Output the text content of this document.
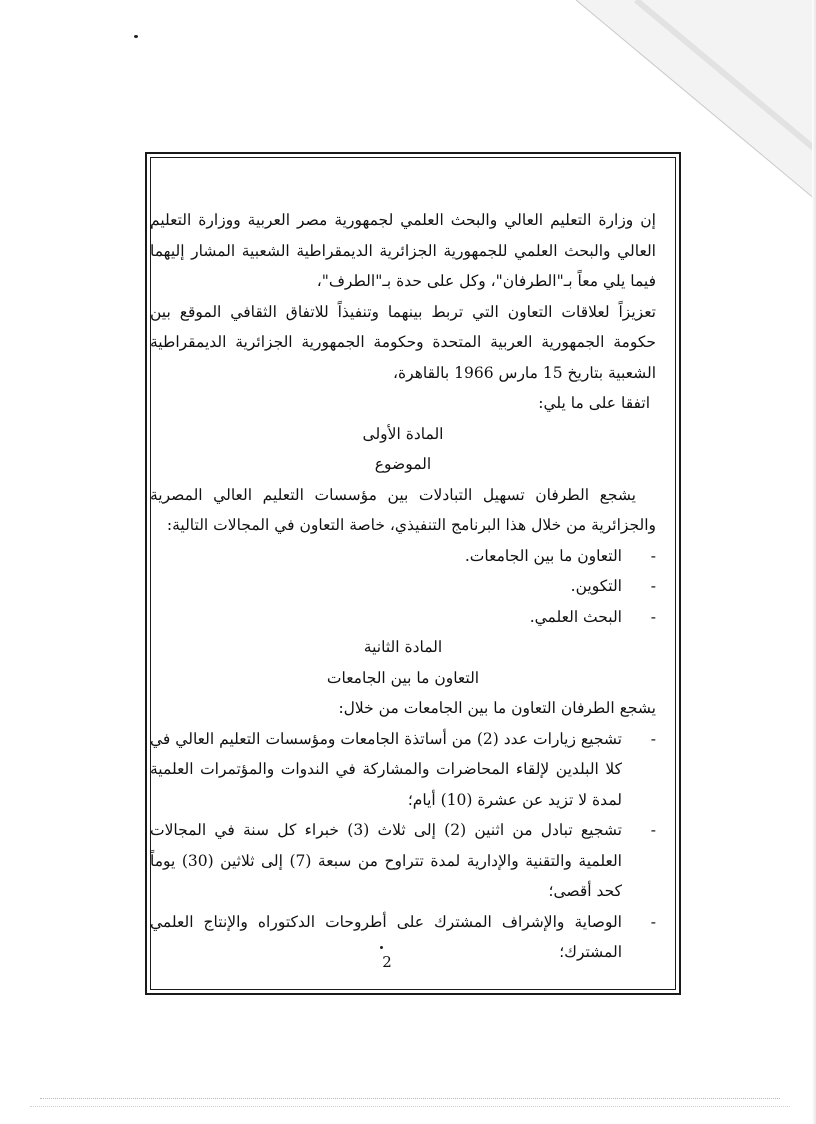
إن وزارة التعليم العالي والبحث العلمي لجمهورية مصر العربية ووزارة التعليم العالي والبحث العلمي للجمهورية الجزائرية الديمقراطية الشعبية المشار إليهما فيما يلي معاً بـ"الطرفان"، وكل على حدة بـ"الطرف"،

تعزيزاً لعلاقات التعاون التي تربط بينهما وتنفيذاً للاتفاق الثقافي الموقع بين حكومة الجمهورية العربية المتحدة وحكومة الجمهورية الجزائرية الديمقراطية الشعبية بتاريخ 15 مارس 1966 بالقاهرة،

اتفقا على ما يلي:

المادة الأولى

الموضوع

يشجع الطرفان تسهيل التبادلات بين مؤسسات التعليم العالي المصرية والجزائرية من خلال هذا البرنامج التنفيذي، خاصة التعاون في المجالات التالية:

- التعاون ما بين الجامعات.
- التكوين.
- البحث العلمي.

المادة الثانية

التعاون ما بين الجامعات

يشجع الطرفان التعاون ما بين الجامعات من خلال:

- تشجيع زيارات عدد (2) من أساتذة الجامعات ومؤسسات التعليم العالي في كلا البلدين لإلقاء المحاضرات والمشاركة في الندوات والمؤتمرات العلمية لمدة لا تزيد عن عشرة (10) أيام؛
- تشجيع تبادل من اثنين (2) إلى ثلاث (3) خبراء كل سنة في المجالات العلمية والتقنية والإدارية لمدة تتراوح من سبعة (7) إلى ثلاثين (30) يوماً كحد أقصى؛
- الوصاية والإشراف المشترك على أطروحات الدكتوراه والإنتاج العلمي المشترك؛
2
